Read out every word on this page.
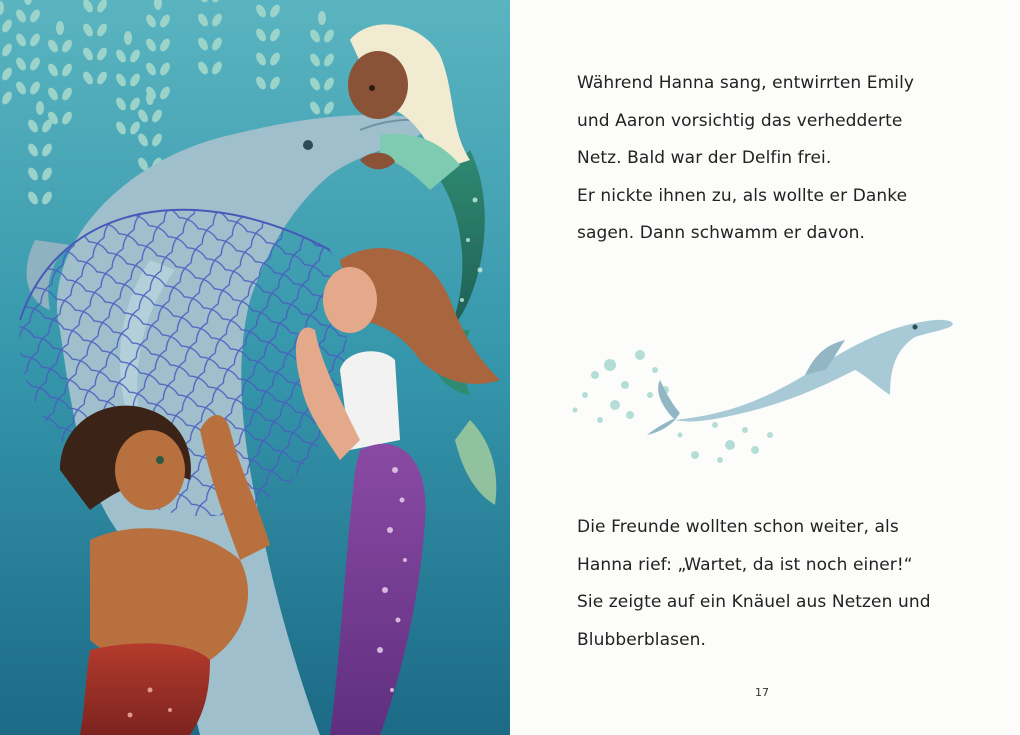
Während Hanna sang, entwirrten Emily
und Aaron vorsichtig das verhedderte
Netz. Bald war der Delfin frei.
Er nickte ihnen zu, als wollte er Danke
sagen. Dann schwamm er davon.

Die Freunde wollten schon weiter, als
Hanna rief: „Wartet, da ist noch einer!“
Sie zeigte auf ein Knäuel aus Netzen und
Blubberblasen.

17
